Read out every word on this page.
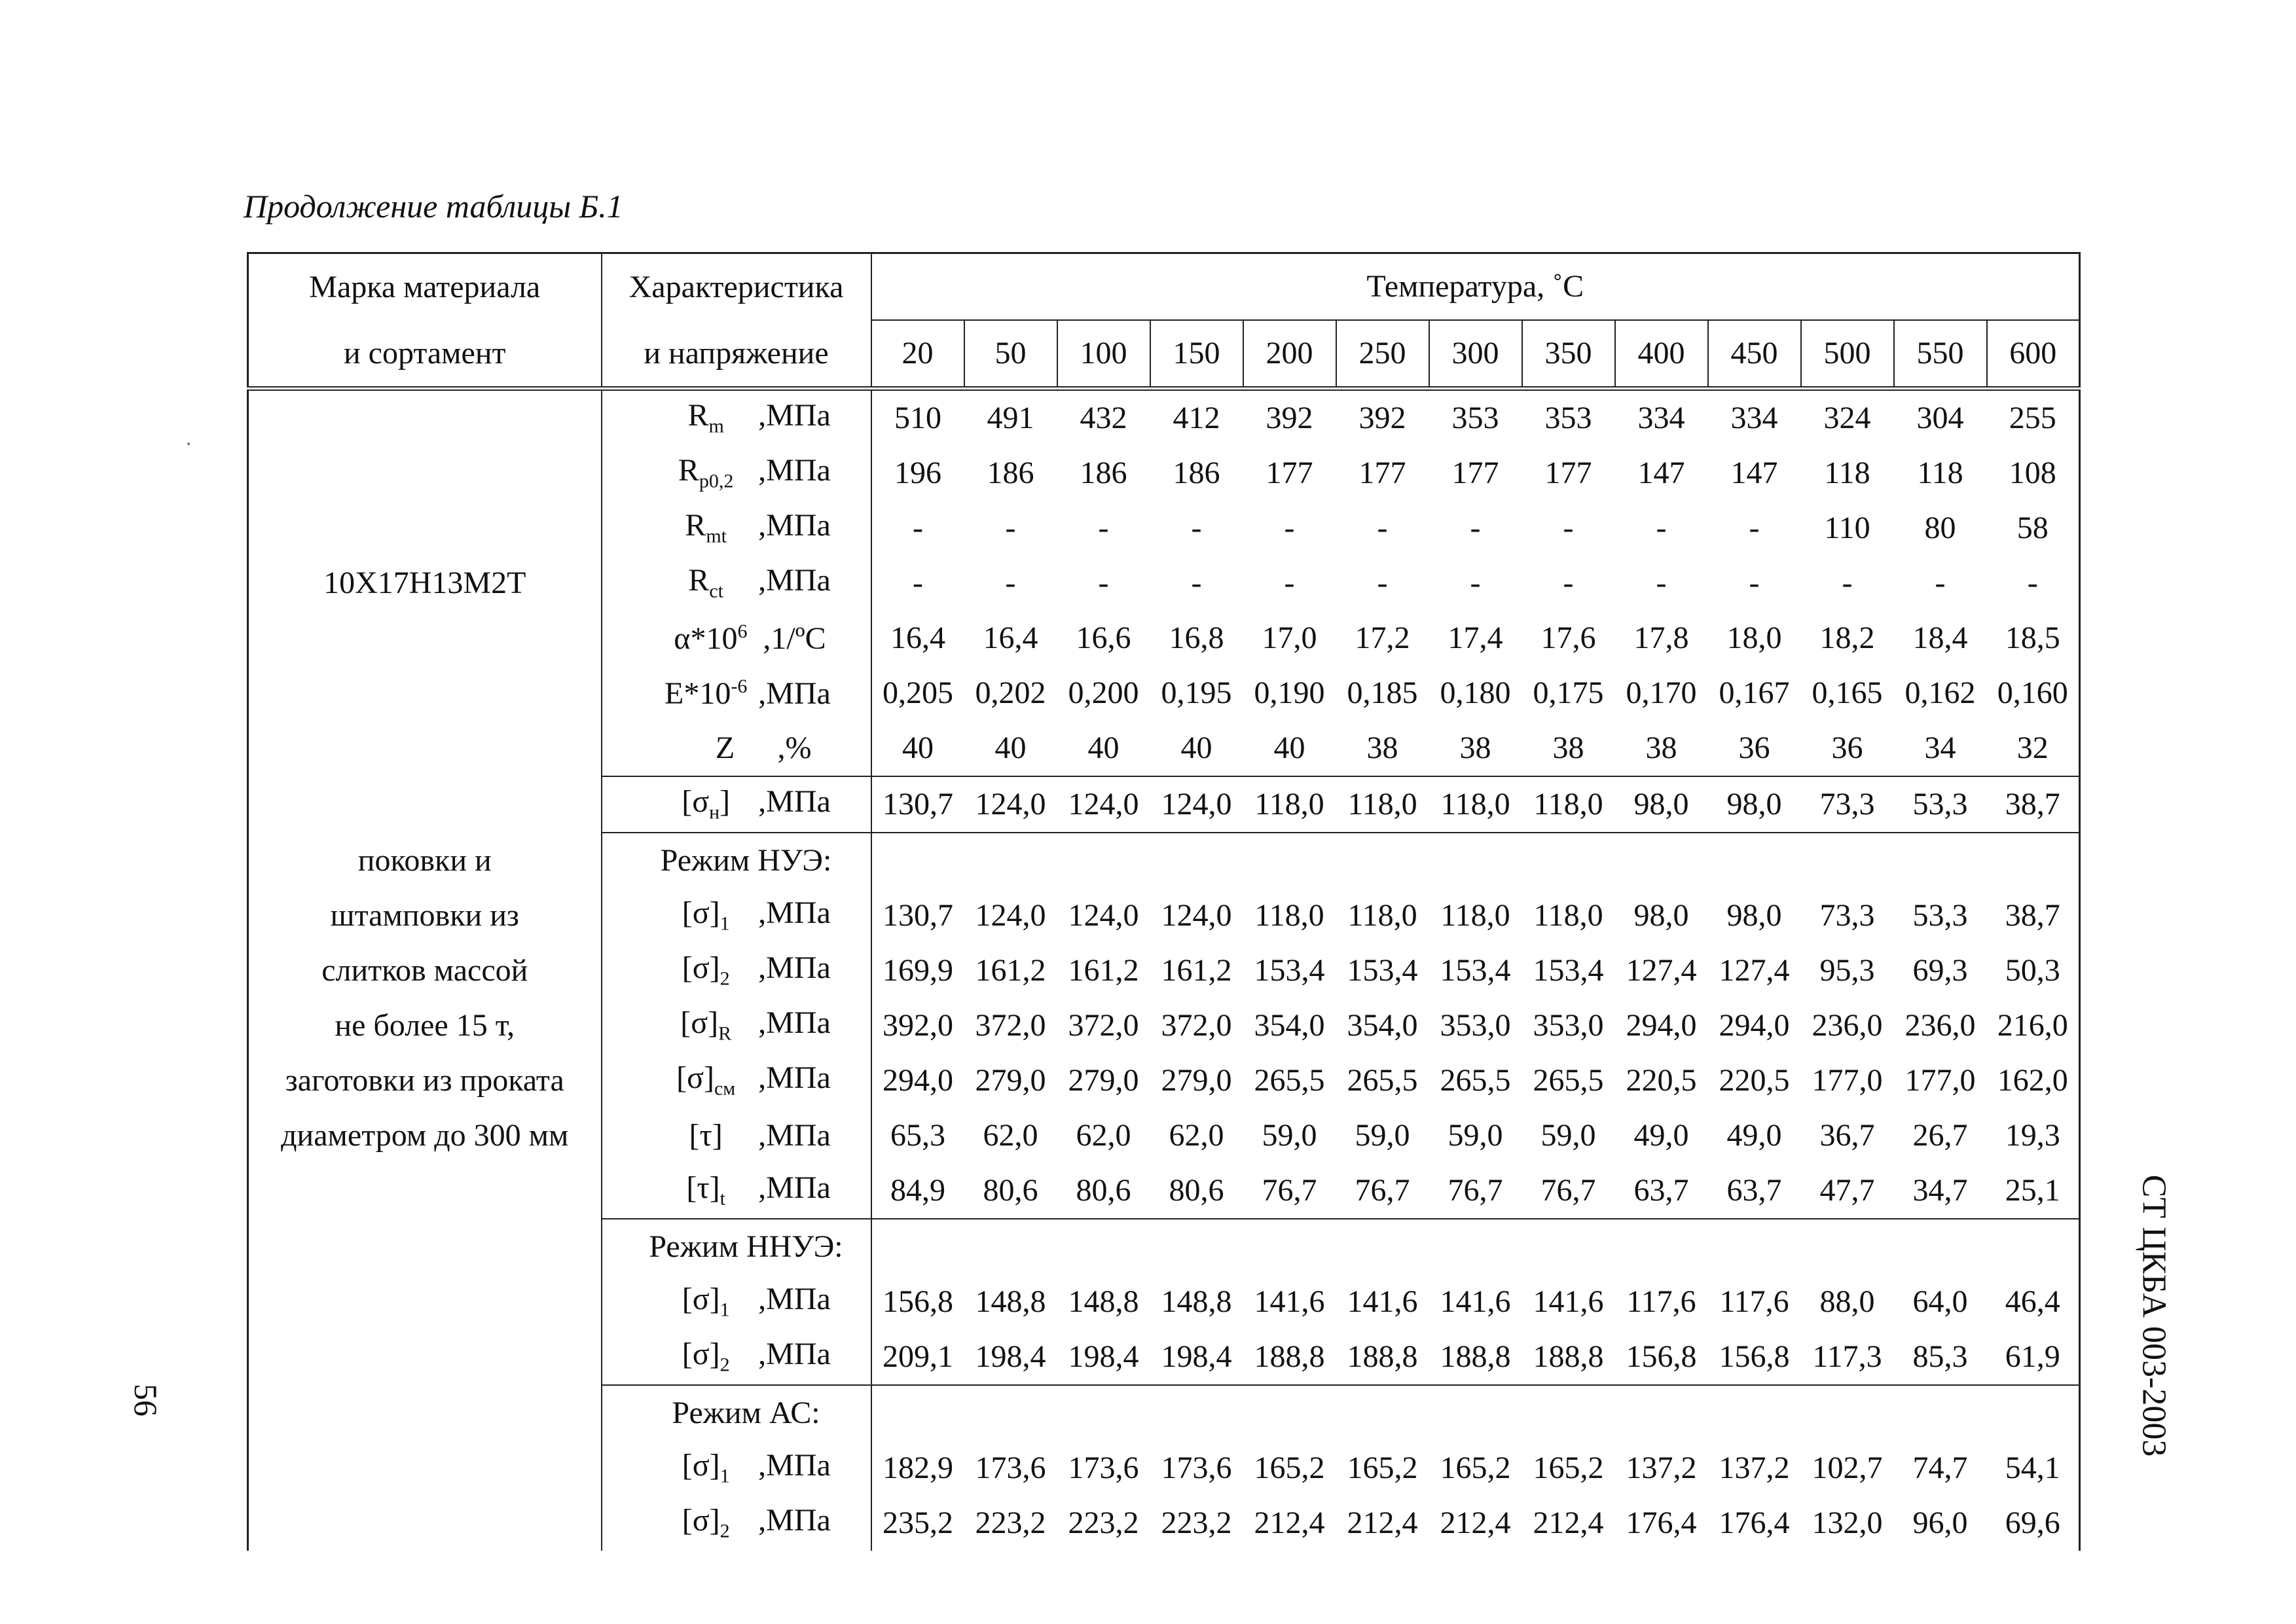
Продолжение таблицы Б.1
Марка материала	Характеристика	Температура, ˚С												
и сортамент	и напряжение	20	50	100	150	200	250	300	350	400	450	500	550	600
	$R_m$ ,МПа	510	491	432	412	392	392	353	353	334	334	324	304	255
	$R_{p0,2}$ ,МПа	196	186	186	186	177	177	177	177	147	147	118	118	108
	$R_{mt}$ ,МПа	-	-	-	-	-	-	-	-	-	-	110	80	58
10Х17Н13М2Т	$R_{ct}$ ,МПа	-	-	-	-	-	-	-	-	-	-	-	-	-
	$\alpha*10^6$ ,1/ºC	16,4	16,4	16,6	16,8	17,0	17,2	17,4	17,6	17,8	18,0	18,2	18,4	18,5
	$E*10^{-6}$ ,МПа	0,205	0,202	0,200	0,195	0,190	0,185	0,180	0,175	0,170	0,167	0,165	0,162	0,160
	Z ,%	40	40	40	40	40	38	38	38	38	36	36	34	32
	$[\sigma_н]$ ,МПа	130,7	124,0	124,0	124,0	118,0	118,0	118,0	118,0	98,0	98,0	73,3	53,3	38,7
поковки и	Режим НУЭ:													
штамповки из	$[\sigma]_1$ ,МПа	130,7	124,0	124,0	124,0	118,0	118,0	118,0	118,0	98,0	98,0	73,3	53,3	38,7
слитков массой	$[\sigma]_2$ ,МПа	169,9	161,2	161,2	161,2	153,4	153,4	153,4	153,4	127,4	127,4	95,3	69,3	50,3
не более 15 т,	$[\sigma]_R$ ,МПа	392,0	372,0	372,0	372,0	354,0	354,0	353,0	353,0	294,0	294,0	236,0	236,0	216,0
заготовки из проката	$[\sigma]_{см}$ ,МПа	294,0	279,0	279,0	279,0	265,5	265,5	265,5	265,5	220,5	220,5	177,0	177,0	162,0
диаметром до 300 мм	[τ] ,МПа	65,3	62,0	62,0	62,0	59,0	59,0	59,0	59,0	49,0	49,0	36,7	26,7	19,3
	$[\tau]_t$ ,МПа	84,9	80,6	80,6	80,6	76,7	76,7	76,7	76,7	63,7	63,7	47,7	34,7	25,1
	Режим ННУЭ:													
	$[\sigma]_1$ ,МПа	156,8	148,8	148,8	148,8	141,6	141,6	141,6	141,6	117,6	117,6	88,0	64,0	46,4
	$[\sigma]_2$ ,МПа	209,1	198,4	198,4	198,4	188,8	188,8	188,8	188,8	156,8	156,8	117,3	85,3	61,9
	Режим АС:													
	$[\sigma]_1$ ,МПа	182,9	173,6	173,6	173,6	165,2	165,2	165,2	165,2	137,2	137,2	102,7	74,7	54,1
	$[\sigma]_2$ ,МПа	235,2	223,2	223,2	223,2	212,4	212,4	212,4	212,4	176,4	176,4	132,0	96,0	69,6
56	СТ ЦКБА 003-2003
